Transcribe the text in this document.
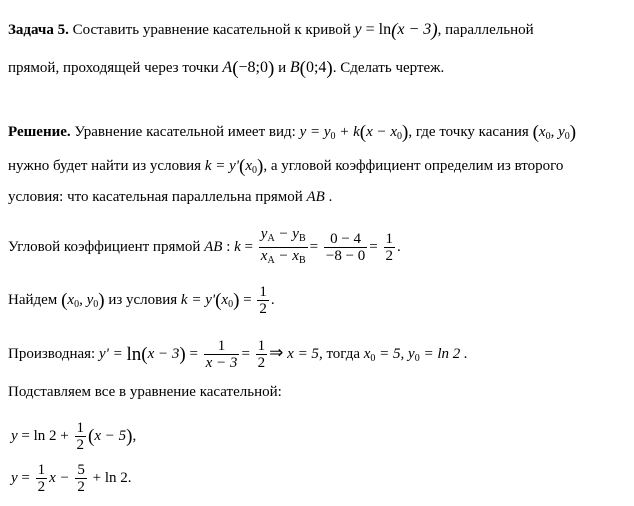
Задача 5. Составить уравнение касательной к кривой y = ln(x − 3), параллельной
прямой, проходящей через точки A(−8;0) и B(0;4). Сделать чертеж.
Решение. Уравнение касательной имеет вид: $y = y_0 + k(x - x_0)$, где точку касания ($x_0$, $y_0$)
нужно будет найти из условия $k = y'(x_0)$, а угловой коэффициент определим из второго
условия: что касательная параллельна прямой AB .
Угловой коэффициент прямой AB : $k = \frac{y_A - y_B}{x_A - x_B} = \frac{0 - 4}{-8 - 0} = \frac{1}{2}$ .
Найдем ($x_0$, $y_0$) из условия $k = y'(x_0) = \frac{1}{2}$ .
Производная: $y' = \ln(x - 3) = \frac{1}{x - 3} = \frac{1}{2}$ ⇒ x = 5, тогда $x_0 = 5$, $y_0 = \ln 2$ .
Подставляем все в уравнение касательной:
$y = \ln 2 + \frac{1}{2} (x - 5)$,
$y = \frac{1}{2}$ $x - \frac{5}{2} + \ln 2$.
